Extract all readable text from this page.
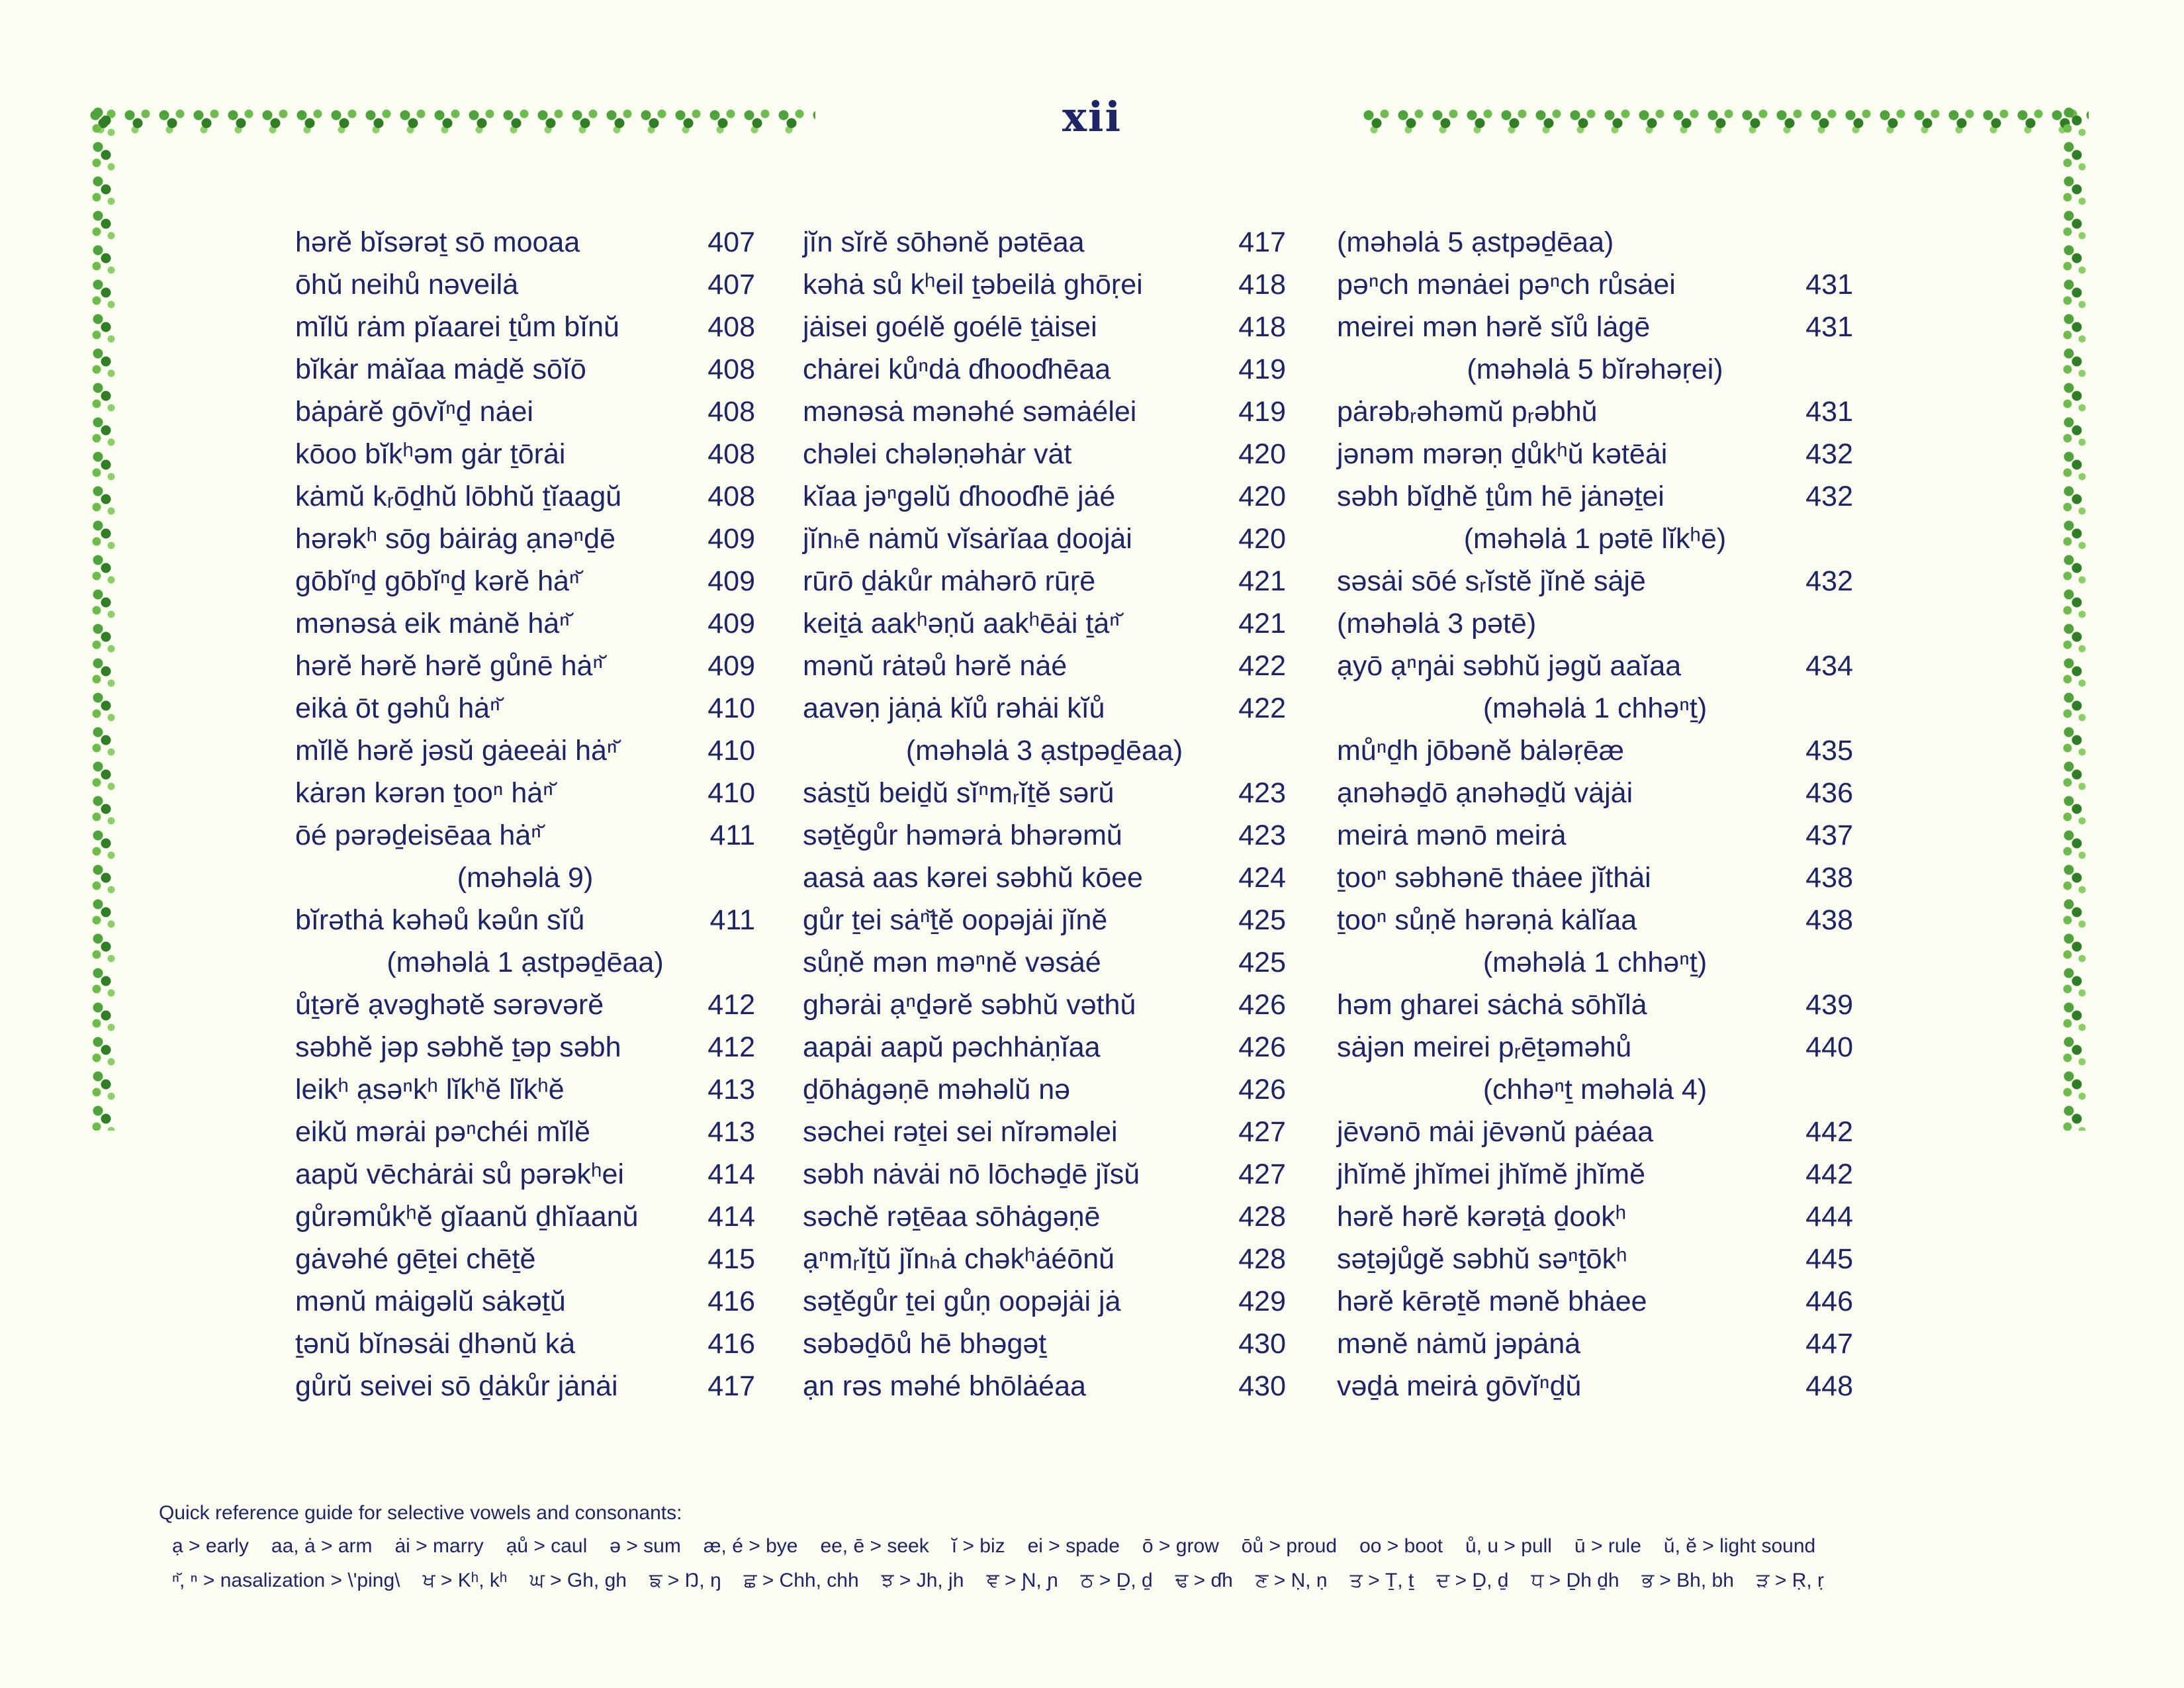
xii
hərĕ bĭsərəṯ sō mooaa	407
ōhŭ neihů nəveilȧ	407
mĭlŭ rȧm pĭaarei ṯům bĭnŭ	408
bĭkȧr mȧĭaa mȧḏĕ sōĭō	408
bȧpȧrĕ gōvĭⁿḏ nȧei	408
kōoo bĭkʰəm gȧr ṯōrȧi	408
kȧmŭ kᵣōḏhŭ lōbhŭ ṯĭaagŭ	408
hərəkʰ sōg bȧirȧg ạnəⁿḏē	409
gōbĭⁿḏ gōbĭⁿḏ kərĕ hȧⁿ̆	409
mənəsȧ eik mȧnĕ hȧⁿ̆	409
hərĕ hərĕ hərĕ gůnē hȧⁿ̆	409
eikȧ ōt gəhů hȧⁿ̆	410
mĭlĕ hərĕ jəsŭ gȧeeȧi hȧⁿ̆	410
kȧrən kərən ṯooⁿ hȧⁿ̆	410
ōé pərəḏeisēaa hȧⁿ̆	411
(məhəlȧ 9)
bĭrəthȧ kəhəů kəůn sĭů	411
(məhəlȧ 1 ạstpəḏēaa)
ůṯərĕ ạvəghətĕ sərəvərĕ	412
səbhĕ jəp səbhĕ ṯəp səbh	412
leikʰ ạsəⁿkʰ lĭkʰĕ lĭkʰĕ	413
eikŭ mərȧi pəⁿchéi mĭlĕ	413
aapŭ vēchȧrȧi sů pərəkʰei	414
gůrəmůkʰĕ gĭaanŭ ḏhĭaanŭ 414
gȧvəhé gēṯei chēṯĕ	415
mənŭ mȧigəlŭ sȧkəṯŭ	416
ṯənŭ bĭnəsȧi ḏhənŭ kȧ	416
gůrŭ seivei sō ḏȧkůr jȧnȧi	417
jĭn sĭrĕ sōhənĕ pətēaa	417
kəhȧ sů kʰeil ṯəbeilȧ ghōṛei	418
jȧisei goélĕ goélē ṯȧisei	418
chȧrei kůⁿdȧ ɗhooɗhēaa	419
mənəsȧ mənəhé səmȧélei	419
chəlei chələṇəhȧr vȧt	420
kĭaa jəⁿgəlŭ ɗhooɗhē jȧé	420
jĭnₕē nȧmŭ vĭsȧrĭaa ḏoojȧi	420
rūrō ḏȧkůr mȧhərō rūṛē	421
keiṯȧ aakʰəṇŭ aakʰēȧi ṯȧⁿ̆	421
mənŭ rȧtəů hərĕ nȧé	422
aavəṇ jȧṇȧ kĭů rəhȧi kĭů	422
(məhəlȧ 3 ạstpəḏēaa)
sȧsṯŭ beiḏŭ sĭⁿmᵣĭṯĕ sərŭ	423
səṯĕgůr həmərȧ bhərəmŭ	423
aasȧ aas kərei səbhŭ kōee	424
gůr ṯei sȧⁿ̆ṯĕ oopəjȧi jĭnĕ	425
sůṇĕ mən məⁿnĕ vəsȧé	425
ghərȧi ạⁿḏərĕ səbhŭ vəthŭ	426
aapȧi aapŭ pəchhȧṇĭaa	426
ḏōhȧgəṇē məhəlŭ nə	426
səchei rəṯei sei nĭrəməlei	427
səbh nȧvȧi nō lōchəḏē jĭsŭ	427
səchĕ rəṯēaa sōhȧgəṇē	428
ạⁿmᵣĭṯŭ jĭnₕȧ chəkʰȧéōnŭ	428
səṯĕgůr ṯei gůṇ oopəjȧi jȧ	429
səbəḏōů hē bhəgəṯ	430
ạn rəs məhé bhōlȧéaa	430
(məhəlȧ 5 ạstpəḏēaa)
pəⁿch mənȧei pəⁿch růsȧei	431
meirei mən hərĕ sĭů lȧgē	431
(məhəlȧ 5 bĭrəhəṛei)
pȧrəbᵣəhəmŭ pᵣəbhŭ	431
jənəm mərəṇ ḏůkʰŭ kətēȧi	432
səbh bĭḏhĕ ṯům hē jȧnəṯei	432
(məhəlȧ 1 pətē lĭkʰē)
səsȧi sōé sᵣĭstĕ jĭnĕ sȧjē	432
(məhəlȧ 3 pətē)
ạyō ạⁿŋȧi səbhŭ jəgŭ aaĭaa	434
(məhəlȧ 1 chhəⁿṯ)
můⁿḏh jōbənĕ bȧləṛēæ	435
ạnəhəḏō ạnəhəḏŭ vȧjȧi	436
meirȧ mənō meirȧ	437
ṯooⁿ səbhənē thȧee jĭthȧi	438
ṯooⁿ sůṇĕ hərəṇȧ kȧlĭaa	438
(məhəlȧ 1 chhəⁿṯ)
həm gharei sȧchȧ sōhĭlȧ	439
sȧjən meirei pᵣēṯəməhů	440
(chhəⁿṯ məhəlȧ 4)
jēvənō mȧi jēvənŭ pȧéaa	442
jhĭmĕ jhĭmei jhĭmĕ jhĭmĕ	442
hərĕ hərĕ kərəṯȧ ḏookʰ	444
səṯəjůgĕ səbhŭ səⁿṯōkʰ	445
hərĕ kērəṯĕ mənĕ bhȧee	446
mənĕ nȧmŭ jəpȧnȧ	447
vəḏȧ meirȧ gōvĭⁿḏŭ	448
Quick reference guide for selective vowels and consonants:
ạ > early aa, ȧ > arm ȧi > marry ạů > caul ə > sum æ, é > bye ee, ē > seek ĭ > biz ei > spade ō > grow ōů > proud oo > boot ů, u > pull ū > rule ŭ, ĕ > light sound
ⁿ̆, ⁿ > nasalization > \'ping\ ਖ > Kʰ, kʰ ਘ > Gh, gh ਙ > Ŋ, ŋ ਛ > Chh, chh ਝ > Jh, jh ਞ > Ɲ, ɲ ਠ > Ḏ, ḏ ਢ > ɗh ਣ > Ṇ, ṇ ਤ > Ṯ, ṯ ਦ > Ḏ, ḏ ਧ > Ḏh ḏh ਭ > Bh, bh ੜ > Ṛ, ṛ
